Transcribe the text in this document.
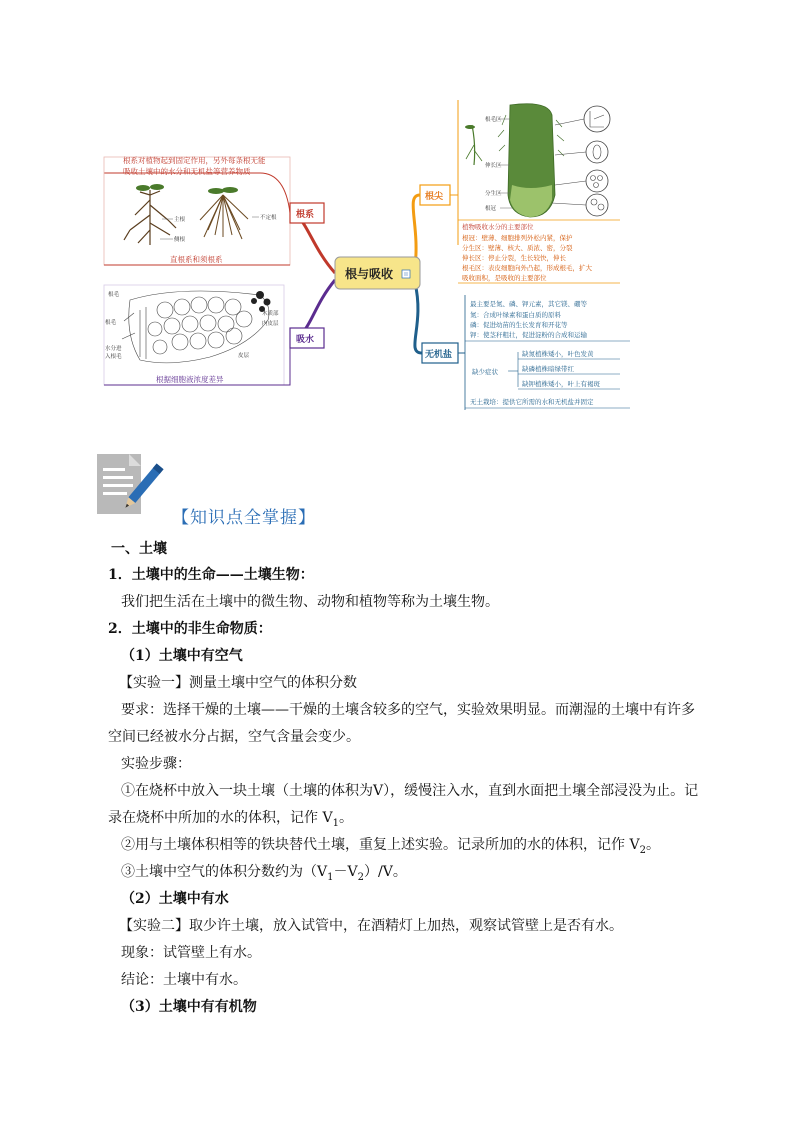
根系对植物起到固定作用，另外每条根无能
吸收土壤中的水分和无机盐等营养物质
主根
侧根
不定根
直根系和须根系
根系
根毛
根毛
水分进
入根毛
木质部
内皮层
皮层
根据细胞液浓度差异
吸水
根与吸收
根尖
根毛区
伸长区
分生区
根冠
植物吸收水分的主要部位
根冠：壁薄、细胞排列外松内紧，保护
分生区：壁薄、核大、质浓、密，分裂
伸长区：停止分裂，生长较快，伸长
根毛区：表皮细胞向外凸起，形成根毛，扩大
吸收面积，是吸收的主要部位
无机盐
最主要是氮、磷、钾元素，其它镁、硼等
氮：合成叶绿素和蛋白质的原料
磷：促进幼苗的生长发育和开花等
钾：使茎秆粗壮，促进淀粉的合成和运输
缺少症状
缺氮植株矮小，叶色发黄
缺磷植株暗绿带红
缺钾植株矮小，叶上有褐斑
无土栽培：提供它所需的水和无机盐并固定
【知识点全掌握】
一、土壤
1．土壤中的生命——土壤生物：
我们把生活在土壤中的微生物、动物和植物等称为土壤生物。
2．土壤中的非生命物质：
（1）土壤中有空气
【实验一】测量土壤中空气的体积分数
要求：选择干燥的土壤——干燥的土壤含较多的空气，实验效果明显。而潮湿的土壤中有许多
空间已经被水分占据，空气含量会变少。
实验步骤：
①在烧杯中放入一块土壤（土壤的体积为V），缓慢注入水，直到水面把土壤全部浸没为止。记
录在烧杯中所加的水的体积，记作 $V_1$。
②用与土壤体积相等的铁块替代土壤，重复上述实验。记录所加的水的体积，记作 $V_2$。
③土壤中空气的体积分数约为$(V_1-V_2)/V$。
（2）土壤中有水
【实验二】取少许土壤，放入试管中，在酒精灯上加热，观察试管壁上是否有水。
现象：试管壁上有水。
结论：土壤中有水。
（3）土壤中有有机物
